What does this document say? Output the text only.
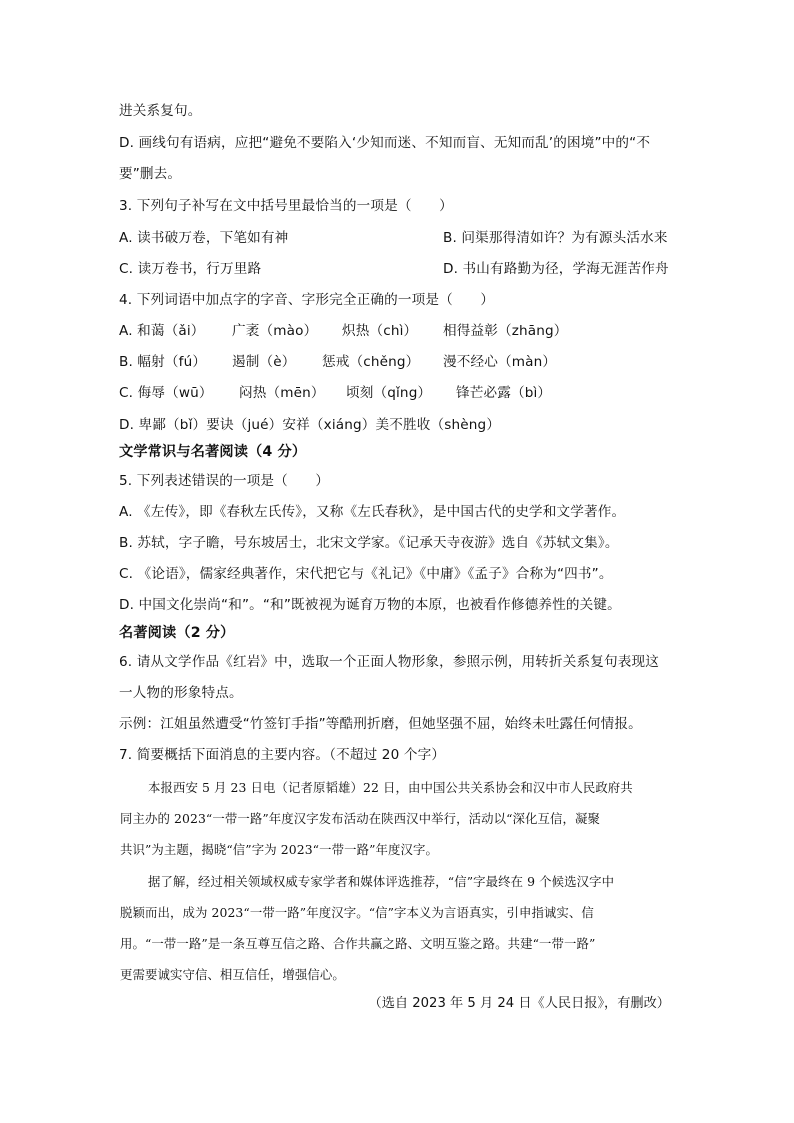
进关系复句。
D. 画线句有语病，应把“避免不要陷入‘少知而迷、不知而盲、无知而乱’的困境”中的“不
要”删去。
3. 下列句子补写在文中括号里最恰当的一项是（　　）
A. 读书破万卷，下笔如有神	B. 问渠那得清如许？为有源头活水来
C. 读万卷书，行万里路	D. 书山有路勤为径，学海无涯苦作舟
4. 下列词语中加点字的字音、字形完全正确的一项是（　　）
A. 和蔼（ǎi） 广袤（mào） 炽热（chì） 相得益彰（zhāng）
B. 幅射（fú） 遏制（è） 惩戒（chěng） 漫不经心（màn）
C. 侮辱（wū） 闷热（mēn） 顷刻（qǐng） 锋芒必露（bì）
D. 卑鄙（bǐ）要诀（jué）安祥（xiáng）美不胜收（shèng）
文学常识与名著阅读（4 分）
5. 下列表述错误的一项是（　　）
A. 《左传》，即《春秋左氏传》，又称《左氏春秋》，是中国古代的史学和文学著作。
B. 苏轼，字子瞻，号东坡居士，北宋文学家。《记承天寺夜游》选自《苏轼文集》。
C. 《论语》，儒家经典著作，宋代把它与《礼记》《中庸》《孟子》合称为“四书”。
D. 中国文化崇尚“和”。“和”既被视为诞育万物的本原，也被看作修德养性的关键。
名著阅读（2 分）
6. 请从文学作品《红岩》中，选取一个正面人物形象，参照示例，用转折关系复句表现这
一人物的形象特点。
示例：江姐虽然遭受“竹签钉手指”等酷刑折磨，但她坚强不屈，始终未吐露任何情报。
7. 简要概括下面消息的主要内容。（不超过 20 个字）
本报西安 5 月 23 日电（记者原韬雄）22 日，由中国公共关系协会和汉中市人民政府共
同主办的 2023“一带一路”年度汉字发布活动在陕西汉中举行，活动以“深化互信，凝聚
共识”为主题，揭晓“信”字为 2023“一带一路”年度汉字。
据了解，经过相关领域权威专家学者和媒体评选推荐，“信”字最终在 9 个候选汉字中
脱颖而出，成为 2023“一带一路”年度汉字。“信”字本义为言语真实，引申指诚实、信
用。“一带一路”是一条互尊互信之路、合作共赢之路、文明互鉴之路。共建“一带一路”
更需要诚实守信、相互信任，增强信心。
（选自 2023 年 5 月 24 日《人民日报》，有删改）
